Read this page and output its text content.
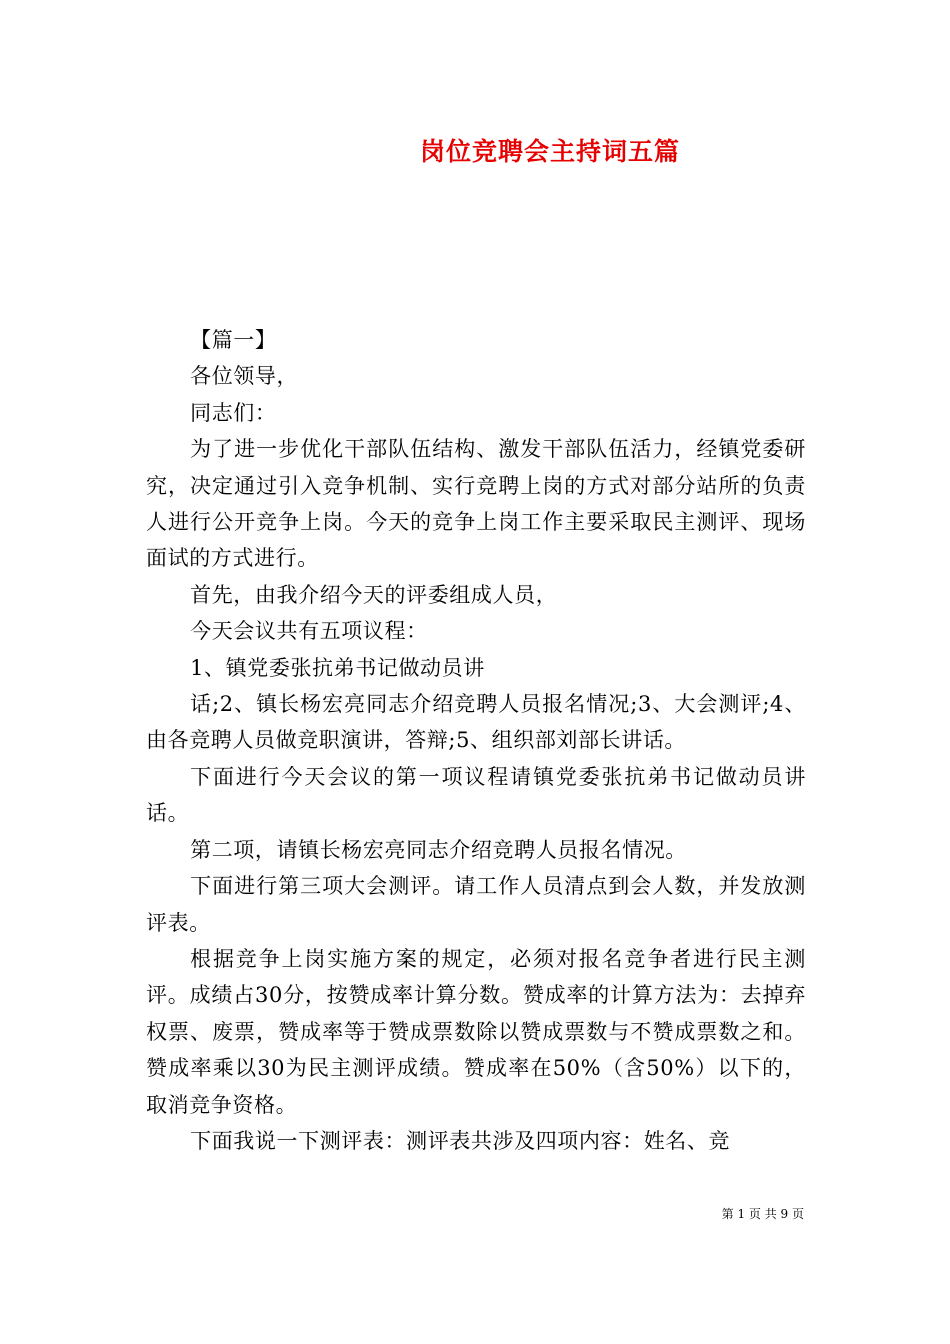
岗位竞聘会主持词五篇

【篇一】

各位领导，

同志们：

为了进一步优化干部队伍结构、激发干部队伍活力，经镇党委研究，决定通过引入竞争机制、实行竞聘上岗的方式对部分站所的负责人进行公开竞争上岗。今天的竞争上岗工作主要采取民主测评、现场面试的方式进行。

首先，由我介绍今天的评委组成人员，

今天会议共有五项议程：

1、镇党委张抗弟书记做动员讲

话;2、镇长杨宏亮同志介绍竞聘人员报名情况;3、大会测评;4、由各竞聘人员做竞职演讲，答辩;5、组织部刘部长讲话。

下面进行今天会议的第一项议程请镇党委张抗弟书记做动员讲话。

第二项，请镇长杨宏亮同志介绍竞聘人员报名情况。

下面进行第三项大会测评。请工作人员清点到会人数，并发放测评表。

根据竞争上岗实施方案的规定，必须对报名竞争者进行民主测评。成绩占30分，按赞成率计算分数。赞成率的计算方法为：去掉弃权票、废票，赞成率等于赞成票数除以赞成票数与不赞成票数之和。赞成率乘以30为民主测评成绩。赞成率在50%（含50%）以下的，取消竞争资格。

下面我说一下测评表：测评表共涉及四项内容：姓名、竞

第 1 页 共 9 页
